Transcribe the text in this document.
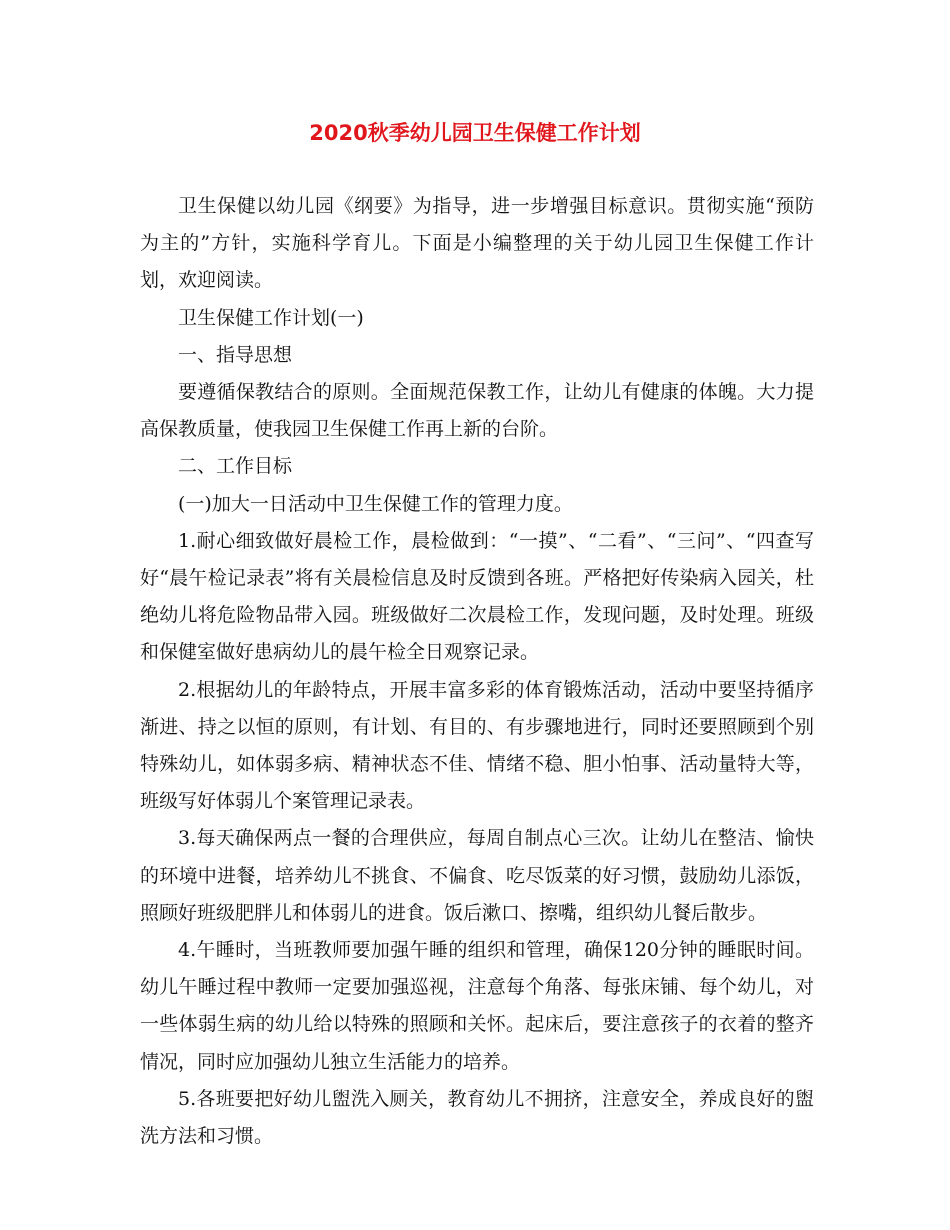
2020秋季幼儿园卫生保健工作计划

卫生保健以幼儿园《纲要》为指导，进一步增强目标意识。贯彻实施“预防为主的”方针，实施科学育儿。下面是小编整理的关于幼儿园卫生保健工作计划，欢迎阅读。

卫生保健工作计划(一)

一、指导思想

要遵循保教结合的原则。全面规范保教工作，让幼儿有健康的体魄。大力提高保教质量，使我园卫生保健工作再上新的台阶。

二、工作目标

(一)加大一日活动中卫生保健工作的管理力度。

1.耐心细致做好晨检工作，晨检做到：“一摸”、“二看”、“三问”、“四查写好“晨午检记录表”将有关晨检信息及时反馈到各班。严格把好传染病入园关，杜绝幼儿将危险物品带入园。班级做好二次晨检工作，发现问题，及时处理。班级和保健室做好患病幼儿的晨午检全日观察记录。

2.根据幼儿的年龄特点，开展丰富多彩的体育锻炼活动，活动中要坚持循序渐进、持之以恒的原则，有计划、有目的、有步骤地进行，同时还要照顾到个别特殊幼儿，如体弱多病、精神状态不佳、情绪不稳、胆小怕事、活动量特大等，班级写好体弱儿个案管理记录表。

3.每天确保两点一餐的合理供应，每周自制点心三次。让幼儿在整洁、愉快的环境中进餐，培养幼儿不挑食、不偏食、吃尽饭菜的好习惯，鼓励幼儿添饭，照顾好班级肥胖儿和体弱儿的进食。饭后漱口、擦嘴，组织幼儿餐后散步。

4.午睡时，当班教师要加强午睡的组织和管理，确保120分钟的睡眠时间。幼儿午睡过程中教师一定要加强巡视，注意每个角落、每张床铺、每个幼儿，对一些体弱生病的幼儿给以特殊的照顾和关怀。起床后，要注意孩子的衣着的整齐情况，同时应加强幼儿独立生活能力的培养。

5.各班要把好幼儿盥洗入厕关，教育幼儿不拥挤，注意安全，养成良好的盥洗方法和习惯。
